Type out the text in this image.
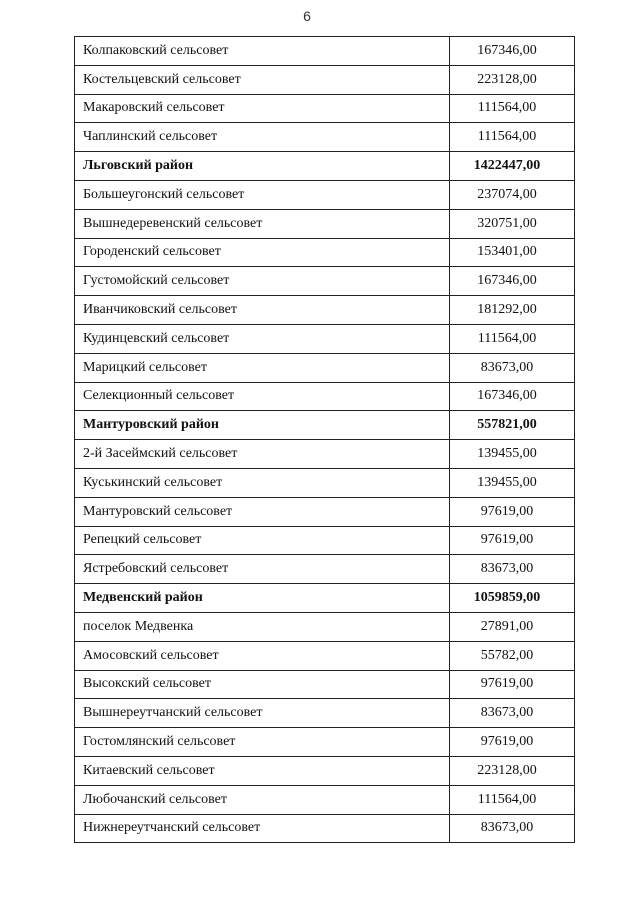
6
Колпаковский сельсовет	167346,00
Костельцевский сельсовет	223128,00
Макаровский сельсовет	111564,00
Чаплинский сельсовет	111564,00
Льговский район	1422447,00
Большеугонский сельсовет	237074,00
Вышнедеревенский сельсовет	320751,00
Городенский сельсовет	153401,00
Густомойский сельсовет	167346,00
Иванчиковский сельсовет	181292,00
Кудинцевский сельсовет	111564,00
Марицкий сельсовет	83673,00
Селекционный сельсовет	167346,00
Мантуровский район	557821,00
2-й Засеймский сельсовет	139455,00
Куськинский сельсовет	139455,00
Мантуровский сельсовет	97619,00
Репецкий сельсовет	97619,00
Ястребовский сельсовет	83673,00
Медвенский район	1059859,00
поселок Медвенка	27891,00
Амосовский сельсовет	55782,00
Высокский сельсовет	97619,00
Вышнереутчанский сельсовет	83673,00
Гостомлянский сельсовет	97619,00
Китаевский сельсовет	223128,00
Любочанский сельсовет	111564,00
Нижнереутчанский сельсовет	83673,00
